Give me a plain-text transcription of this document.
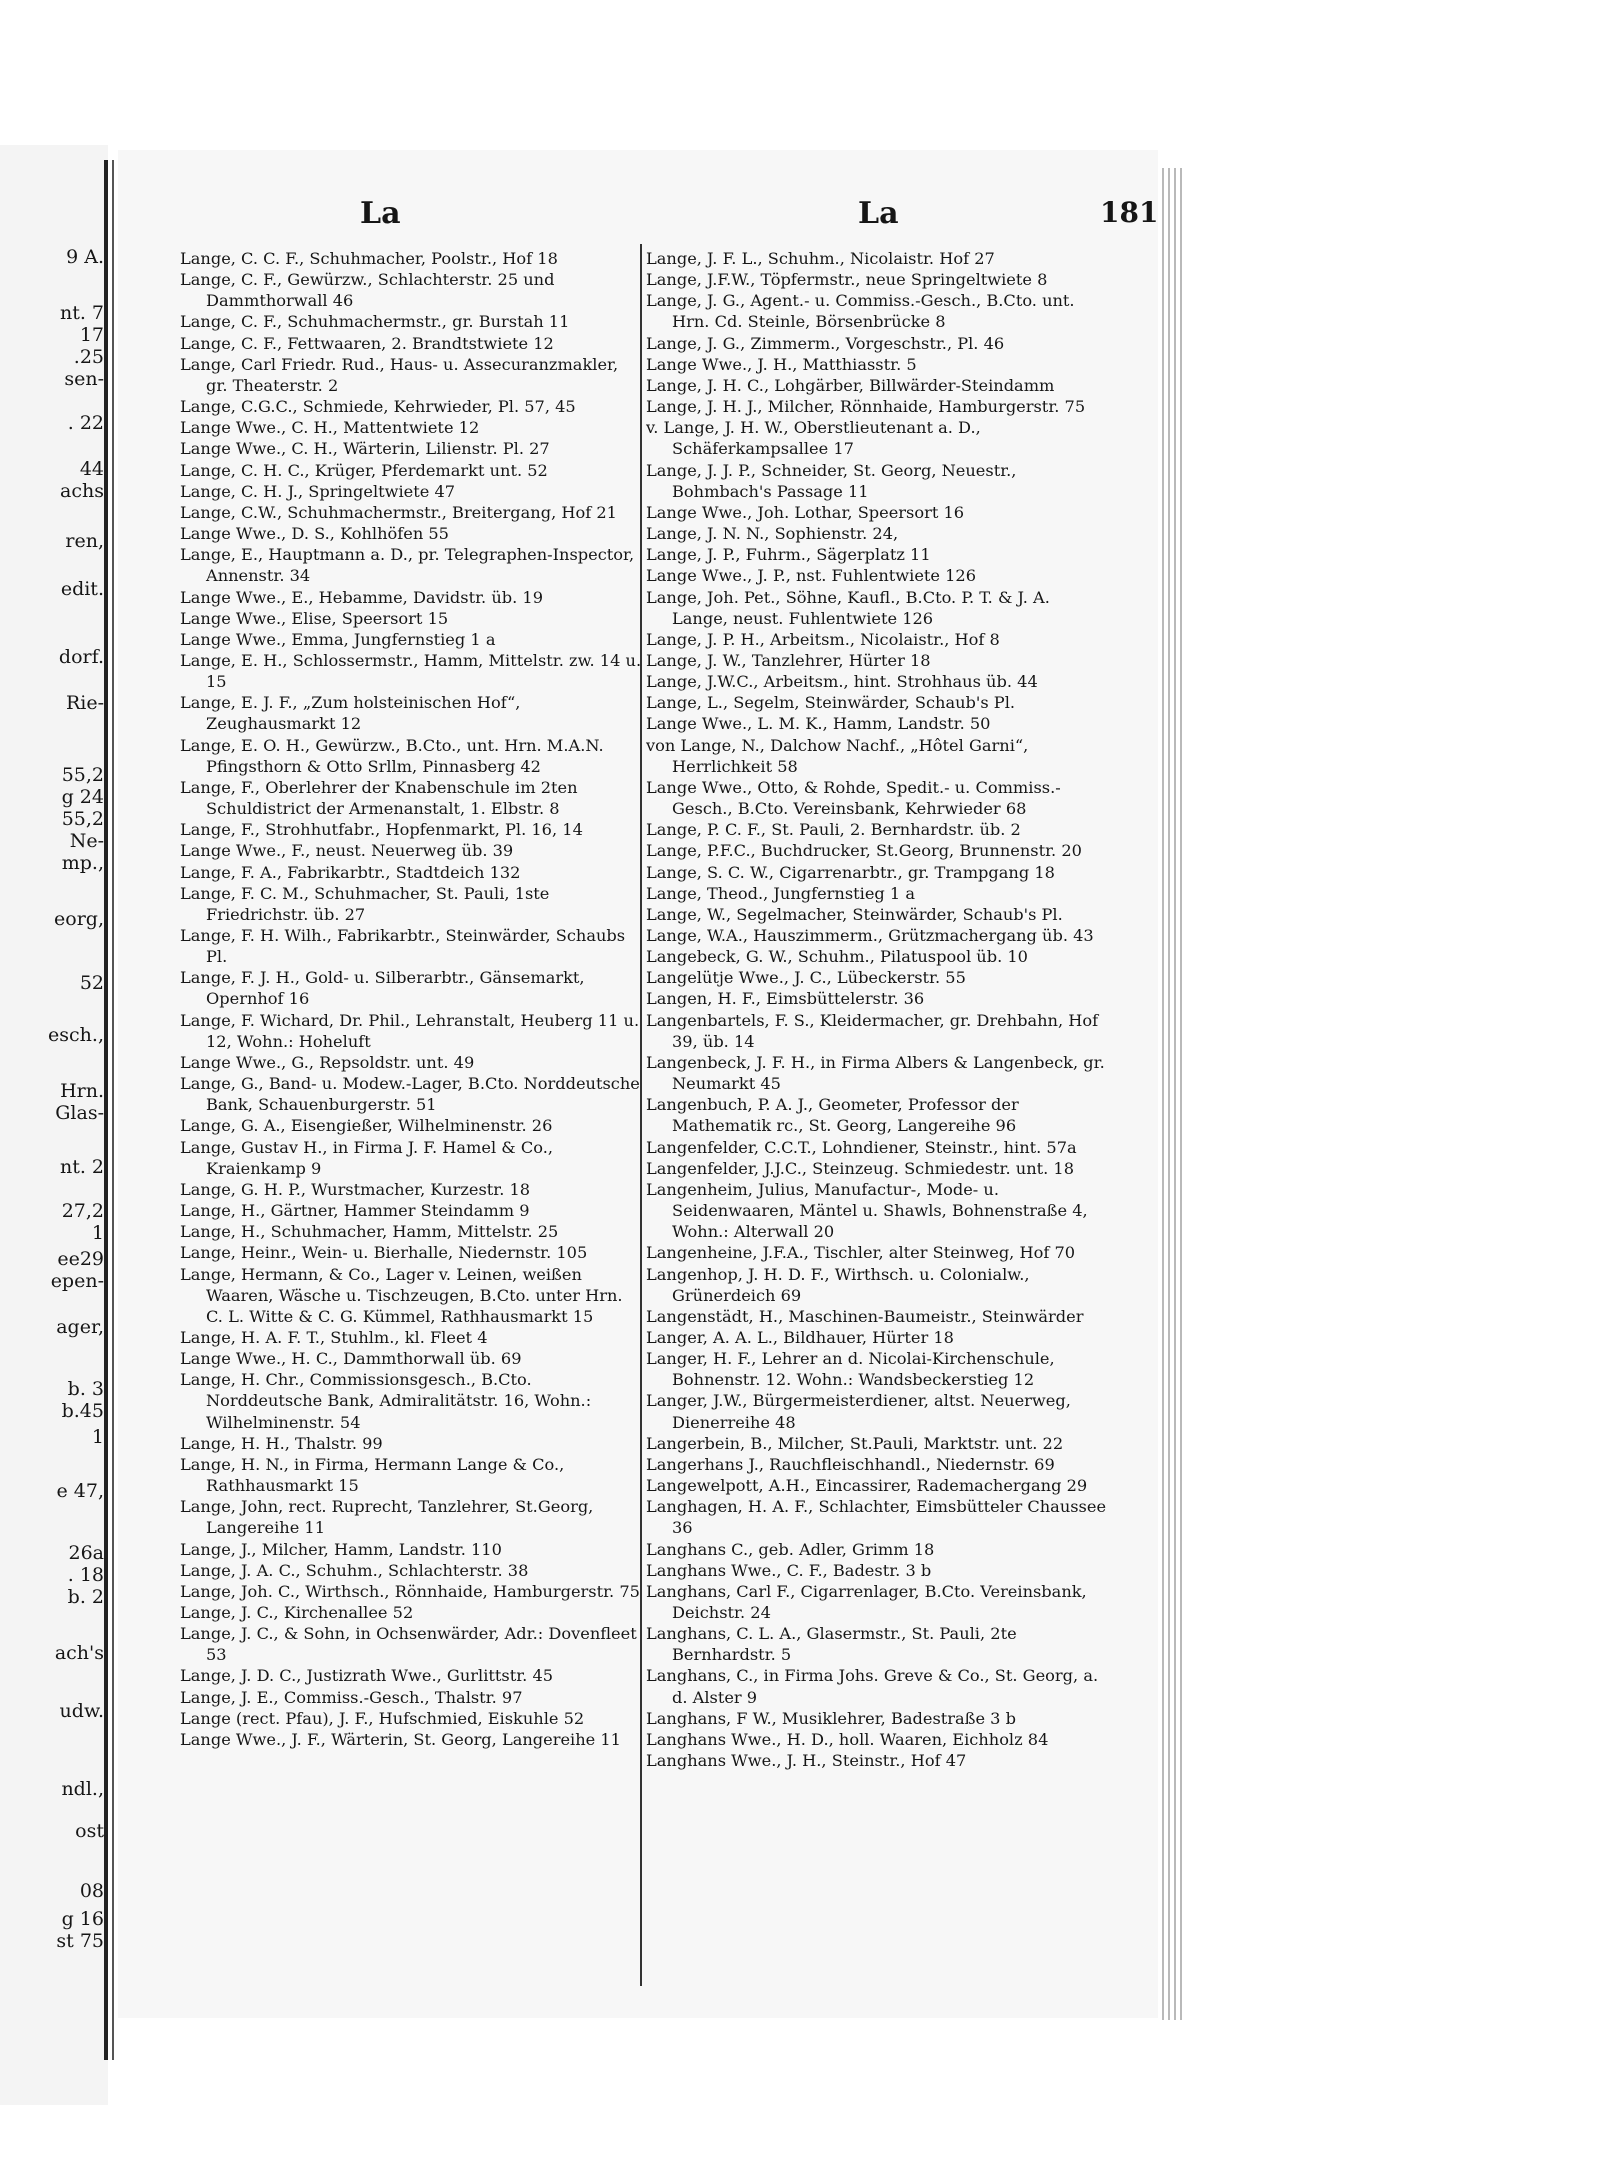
9 A.
nt. 7
17
.25
sen-
. 22
44
achs
ren,
edit.
dorf.
Rie-
55,2
g 24
55,2
Ne-
mp.,
eorg,
52
esch.,
Hrn.
Glas-
nt. 2
27,2
1
ee29
epen-
ager,
b. 3
b.45
1
e 47,
26a
. 18
b. 2
ach's
udw.
ndl.,
ost
08
g 16
st 75
La	La	181
Lange, C. C. F., Schuhmacher, Poolstr., Hof 18
Lange, C. F., Gewürzw., Schlachterstr. 25 und Dammthorwall 46
Lange, C. F., Schuhmachermstr., gr. Burstah 11
Lange, C. F., Fettwaaren, 2. Brandtstwiete 12
Lange, Carl Friedr. Rud., Haus- u. Assecuranzmakler, gr. Theaterstr. 2
Lange, C.G.C., Schmiede, Kehrwieder, Pl. 57, 45
Lange Wwe., C. H., Mattentwiete 12
Lange Wwe., C. H., Wärterin, Lilienstr. Pl. 27
Lange, C. H. C., Krüger, Pferdemarkt unt. 52
Lange, C. H. J., Springeltwiete 47
Lange, C.W., Schuhmachermstr., Breitergang, Hof 21
Lange Wwe., D. S., Kohlhöfen 55
Lange, E., Hauptmann a. D., pr. Telegraphen-Inspector, Annenstr. 34
Lange Wwe., E., Hebamme, Davidstr. üb. 19
Lange Wwe., Elise, Speersort 15
Lange Wwe., Emma, Jungfernstieg 1 a
Lange, E. H., Schlossermstr., Hamm, Mittelstr. zw. 14 u. 15
Lange, E. J. F., „Zum holsteinischen Hof“, Zeughausmarkt 12
Lange, E. O. H., Gewürzw., B.Cto., unt. Hrn. M.A.N. Pfingsthorn & Otto Srllm, Pinnasberg 42
Lange, F., Oberlehrer der Knabenschule im 2ten Schuldistrict der Armenanstalt, 1. Elbstr. 8
Lange, F., Strohhutfabr., Hopfenmarkt, Pl. 16, 14
Lange Wwe., F., neust. Neuerweg üb. 39
Lange, F. A., Fabrikarbtr., Stadtdeich 132
Lange, F. C. M., Schuhmacher, St. Pauli, 1ste Friedrichstr. üb. 27
Lange, F. H. Wilh., Fabrikarbtr., Steinwärder, Schaubs Pl.
Lange, F. J. H., Gold- u. Silberarbtr., Gänsemarkt, Opernhof 16
Lange, F. Wichard, Dr. Phil., Lehranstalt, Heuberg 11 u. 12, Wohn.: Hoheluft
Lange Wwe., G., Repsoldstr. unt. 49
Lange, G., Band- u. Modew.-Lager, B.Cto. Norddeutsche Bank, Schauenburgerstr. 51
Lange, G. A., Eisengießer, Wilhelminenstr. 26
Lange, Gustav H., in Firma J. F. Hamel & Co., Kraienkamp 9
Lange, G. H. P., Wurstmacher, Kurzestr. 18
Lange, H., Gärtner, Hammer Steindamm 9
Lange, H., Schuhmacher, Hamm, Mittelstr. 25
Lange, Heinr., Wein- u. Bierhalle, Niedernstr. 105
Lange, Hermann, & Co., Lager v. Leinen, weißen Waaren, Wäsche u. Tischzeugen, B.Cto. unter Hrn. C. L. Witte & C. G. Kümmel, Rathhausmarkt 15
Lange, H. A. F. T., Stuhlm., kl. Fleet 4
Lange Wwe., H. C., Dammthorwall üb. 69
Lange, H. Chr., Commissionsgesch., B.Cto. Norddeutsche Bank, Admiralitätstr. 16, Wohn.: Wilhelminenstr. 54
Lange, H. H., Thalstr. 99
Lange, H. N., in Firma, Hermann Lange & Co., Rathhausmarkt 15
Lange, John, rect. Ruprecht, Tanzlehrer, St.Georg, Langereihe 11
Lange, J., Milcher, Hamm, Landstr. 110
Lange, J. A. C., Schuhm., Schlachterstr. 38
Lange, Joh. C., Wirthsch., Rönnhaide, Hamburgerstr. 75
Lange, J. C., Kirchenallee 52
Lange, J. C., & Sohn, in Ochsenwärder, Adr.: Dovenfleet 53
Lange, J. D. C., Justizrath Wwe., Gurlittstr. 45
Lange, J. E., Commiss.-Gesch., Thalstr. 97
Lange (rect. Pfau), J. F., Hufschmied, Eiskuhle 52
Lange Wwe., J. F., Wärterin, St. Georg, Langereihe 11
Lange, J. F. L., Schuhm., Nicolaistr. Hof 27
Lange, J.F.W., Töpfermstr., neue Springeltwiete 8
Lange, J. G., Agent.- u. Commiss.-Gesch., B.Cto. unt. Hrn. Cd. Steinle, Börsenbrücke 8
Lange, J. G., Zimmerm., Vorgeschstr., Pl. 46
Lange Wwe., J. H., Matthiasstr. 5
Lange, J. H. C., Lohgärber, Billwärder-Steindamm
Lange, J. H. J., Milcher, Rönnhaide, Hamburgerstr. 75
v. Lange, J. H. W., Oberstlieutenant a. D., Schäferkampsallee 17
Lange, J. J. P., Schneider, St. Georg, Neuestr., Bohmbach's Passage 11
Lange Wwe., Joh. Lothar, Speersort 16
Lange, J. N. N., Sophienstr. 24,
Lange, J. P., Fuhrm., Sägerplatz 11
Lange Wwe., J. P., nst. Fuhlentwiete 126
Lange, Joh. Pet., Söhne, Kaufl., B.Cto. P. T. & J. A. Lange, neust. Fuhlentwiete 126
Lange, J. P. H., Arbeitsm., Nicolaistr., Hof 8
Lange, J. W., Tanzlehrer, Hürter 18
Lange, J.W.C., Arbeitsm., hint. Strohhaus üb. 44
Lange, L., Segelm, Steinwärder, Schaub's Pl.
Lange Wwe., L. M. K., Hamm, Landstr. 50
von Lange, N., Dalchow Nachf., „Hôtel Garni“, Herrlichkeit 58
Lange Wwe., Otto, & Rohde, Spedit.- u. Commiss.-Gesch., B.Cto. Vereinsbank, Kehrwieder 68
Lange, P. C. F., St. Pauli, 2. Bernhardstr. üb. 2
Lange, P.F.C., Buchdrucker, St.Georg, Brunnenstr. 20
Lange, S. C. W., Cigarrenarbtr., gr. Trampgang 18
Lange, Theod., Jungfernstieg 1 a
Lange, W., Segelmacher, Steinwärder, Schaub's Pl.
Lange, W.A., Hauszimmerm., Grützmachergang üb. 43
Langebeck, G. W., Schuhm., Pilatuspool üb. 10
Langelütje Wwe., J. C., Lübeckerstr. 55
Langen, H. F., Eimsbüttelerstr. 36
Langenbartels, F. S., Kleidermacher, gr. Drehbahn, Hof 39, üb. 14
Langenbeck, J. F. H., in Firma Albers & Langenbeck, gr. Neumarkt 45
Langenbuch, P. A. J., Geometer, Professor der Mathematik rc., St. Georg, Langereihe 96
Langenfelder, C.C.T., Lohndiener, Steinstr., hint. 57a
Langenfelder, J.J.C., Steinzeug. Schmiedestr. unt. 18
Langenheim, Julius, Manufactur-, Mode- u. Seidenwaaren, Mäntel u. Shawls, Bohnenstraße 4, Wohn.: Alterwall 20
Langenheine, J.F.A., Tischler, alter Steinweg, Hof 70
Langenhop, J. H. D. F., Wirthsch. u. Colonialw., Grünerdeich 69
Langenstädt, H., Maschinen-Baumeistr., Steinwärder
Langer, A. A. L., Bildhauer, Hürter 18
Langer, H. F., Lehrer an d. Nicolai-Kirchenschule, Bohnenstr. 12. Wohn.: Wandsbeckerstieg 12
Langer, J.W., Bürgermeisterdiener, altst. Neuerweg, Dienerreihe 48
Langerbein, B., Milcher, St.Pauli, Marktstr. unt. 22
Langerhans J., Rauchfleischhandl., Niedernstr. 69
Langewelpott, A.H., Eincassirer, Rademachergang 29
Langhagen, H. A. F., Schlachter, Eimsbütteler Chaussee 36
Langhans C., geb. Adler, Grimm 18
Langhans Wwe., C. F., Badestr. 3 b
Langhans, Carl F., Cigarrenlager, B.Cto. Vereinsbank, Deichstr. 24
Langhans, C. L. A., Glasermstr., St. Pauli, 2te Bernhardstr. 5
Langhans, C., in Firma Johs. Greve & Co., St. Georg, a. d. Alster 9
Langhans, F W., Musiklehrer, Badestraße 3 b
Langhans Wwe., H. D., holl. Waaren, Eichholz 84
Langhans Wwe., J. H., Steinstr., Hof 47
